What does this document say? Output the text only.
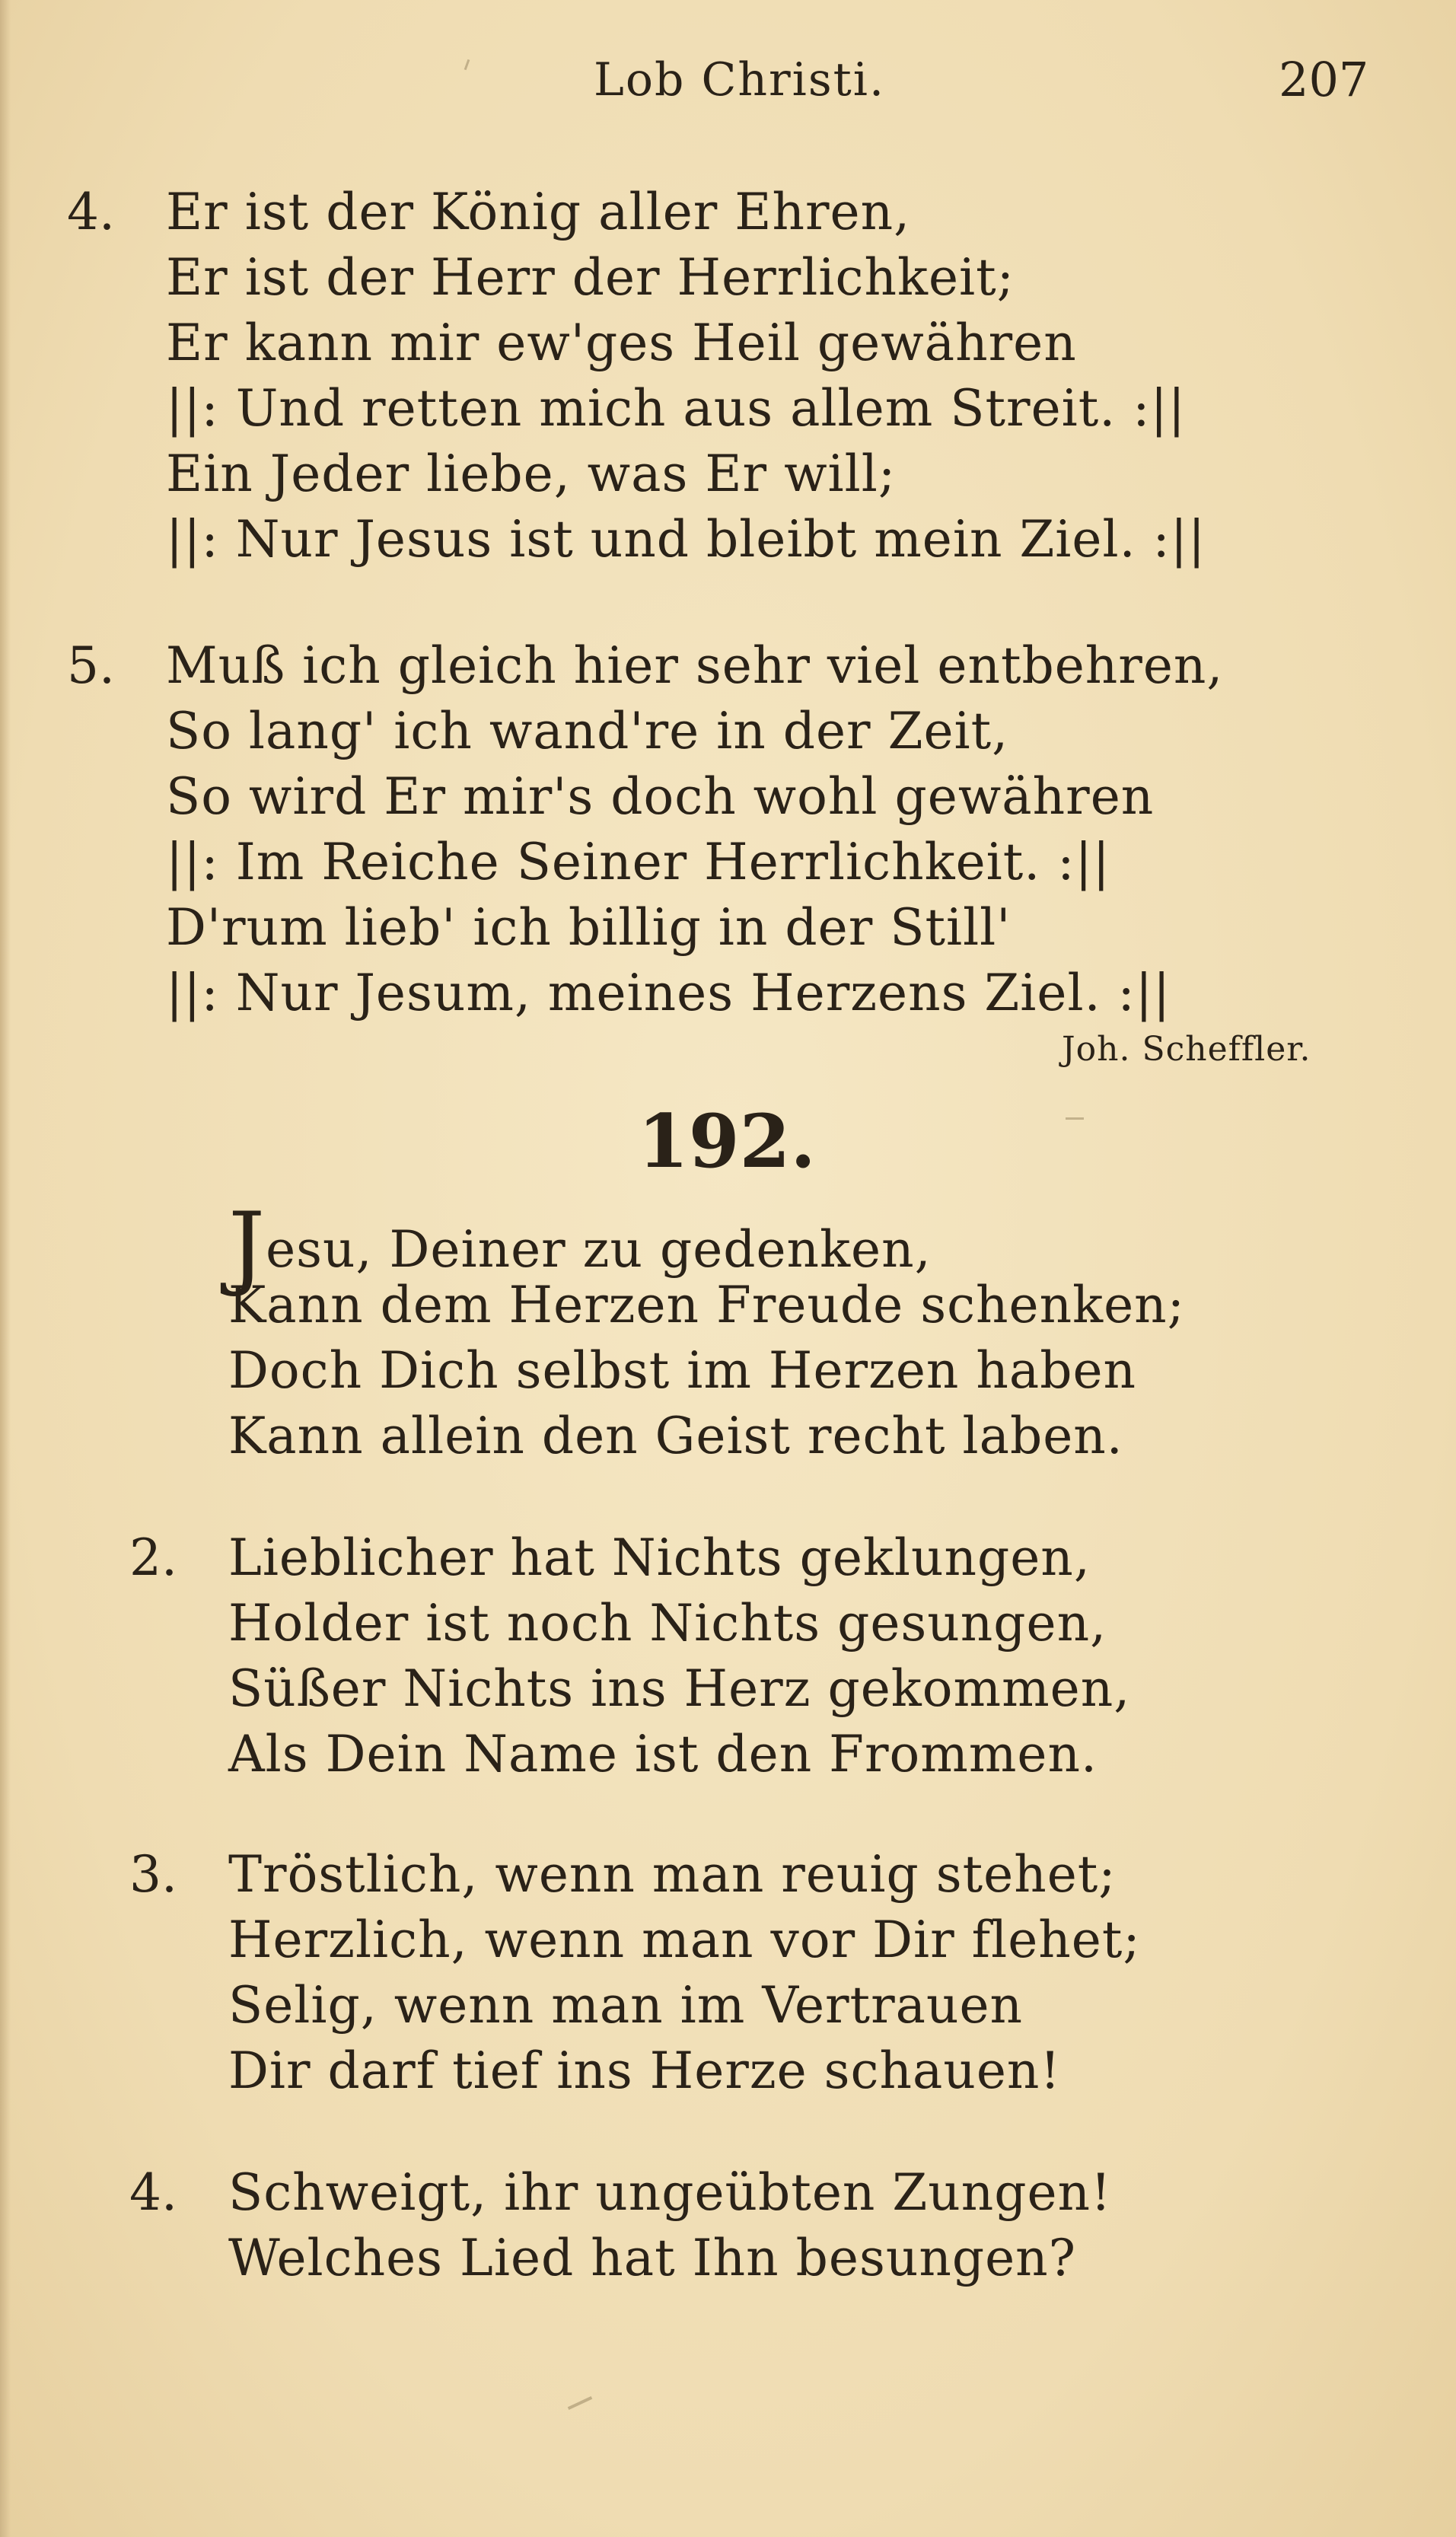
Lob Christi.	207
4. Er ist der König aller Ehren,
Er ist der Herr der Herrlichkeit;
Er kann mir ew'ges Heil gewähren
||: Und retten mich aus allem Streit. :||
Ein Jeder liebe, was Er will;
||: Nur Jesus ist und bleibt mein Ziel. :||
5. Muß ich gleich hier sehr viel entbehren,
So lang' ich wand're in der Zeit,
So wird Er mir's doch wohl gewähren
||: Im Reiche Seiner Herrlichkeit. :||
D'rum lieb' ich billig in der Still'
||: Nur Jesum, meines Herzens Ziel. :||
Joh. Scheffler.
192.
Jesu, Deiner zu gedenken,
Kann dem Herzen Freude schenken;
Doch Dich selbst im Herzen haben
Kann allein den Geist recht laben.
2. Lieblicher hat Nichts geklungen,
Holder ist noch Nichts gesungen,
Süßer Nichts ins Herz gekommen,
Als Dein Name ist den Frommen.
3. Tröstlich, wenn man reuig stehet;
Herzlich, wenn man vor Dir flehet;
Selig, wenn man im Vertrauen
Dir darf tief ins Herze schauen!
4. Schweigt, ihr ungeübten Zungen!
Welches Lied hat Ihn besungen?
